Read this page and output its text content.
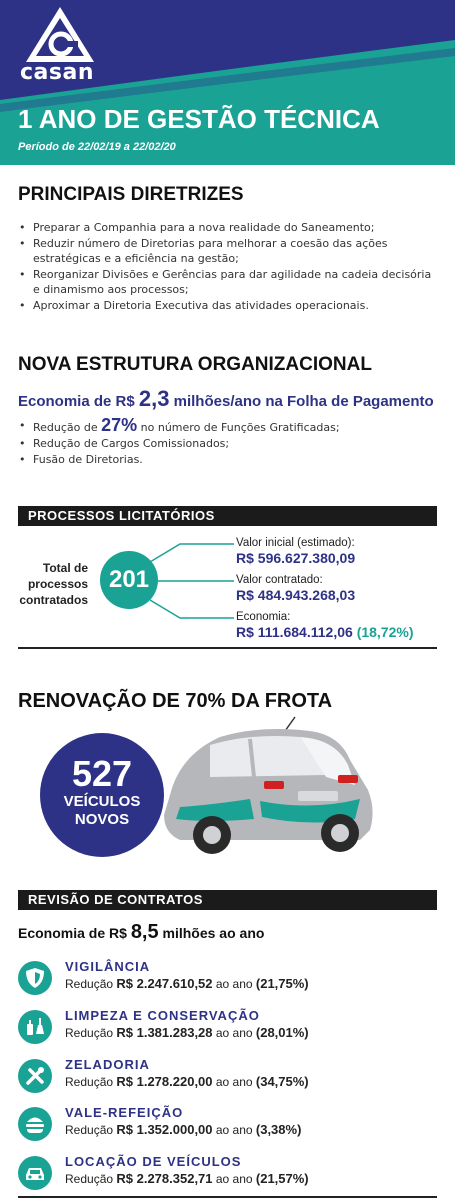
casan
1 ANO DE GESTÃO TÉCNICA
Período de 22/02/19 a 22/02/20
PRINCIPAIS DIRETRIZES
• Preparar a Companhia para a nova realidade do Saneamento;
• Reduzir número de Diretorias para melhorar a coesão das ações estratégicas e a eficiência na gestão;
• Reorganizar Divisões e Gerências para dar agilidade na cadeia decisória e dinamismo aos processos;
• Aproximar a Diretoria Executiva das atividades operacionais.
NOVA ESTRUTURA ORGANIZACIONAL
Economia de R$ 2,3 milhões/ano na Folha de Pagamento
• Redução de 27% no número de Funções Gratificadas;
• Redução de Cargos Comissionados;
• Fusão de Diretorias.
PROCESSOS LICITATÓRIOS
Total de processos contratados
201
Valor inicial (estimado):
R$ 596.627.380,09
Valor contratado:
R$ 484.943.268,03
Economia:
R$ 111.684.112,06 (18,72%)
RENOVAÇÃO DE 70% DA FROTA
527
VEÍCULOS
NOVOS
REVISÃO DE CONTRATOS
Economia de R$ 8,5 milhões ao ano
VIGILÂNCIA
Redução R$ 2.247.610,52 ao ano (21,75%)
LIMPEZA E CONSERVAÇÃO
Redução R$ 1.381.283,28 ao ano (28,01%)
ZELADORIA
Redução R$ 1.278.220,00 ao ano (34,75%)
VALE-REFEIÇÃO
Redução R$ 1.352.000,00 ao ano (3,38%)
LOCAÇÃO DE VEÍCULOS
Redução R$ 2.278.352,71 ao ano (21,57%)
